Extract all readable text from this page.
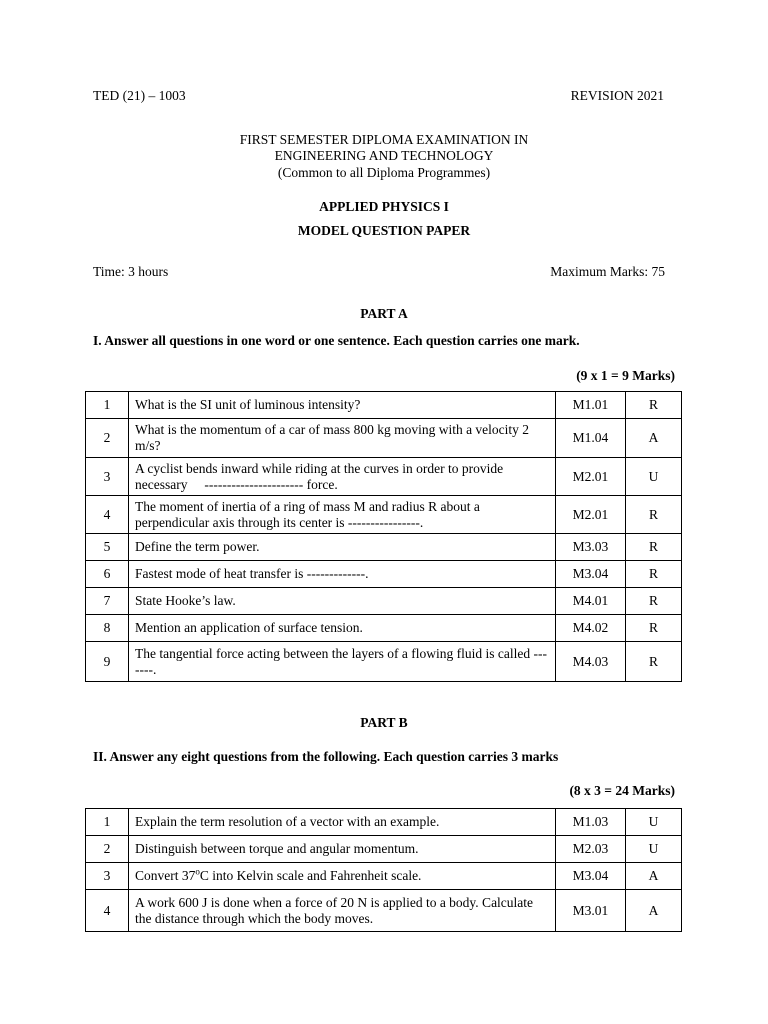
TED (21) – 1003	REVISION 2021
FIRST SEMESTER DIPLOMA EXAMINATION IN
ENGINEERING AND TECHNOLOGY
(Common to all Diploma Programmes)
APPLIED PHYSICS I
MODEL QUESTION PAPER
Time: 3 hours	Maximum Marks: 75
PART A
I. Answer all questions in one word or one sentence. Each question carries one mark.
(9 x 1 = 9 Marks)
1	What is the SI unit of luminous intensity?	M1.01	R
2	What is the momentum of a car of mass 800 kg moving with a velocity 2 m/s?	M1.04	A
3	A cyclist bends inward while riding at the curves in order to provide necessary     ---------------------- force.	M2.01	U
4	The moment of inertia of a ring of mass M and radius R about a perpendicular axis through its center is ----------------.	M2.01	R
5	Define the term power.	M3.03	R
6	Fastest mode of heat transfer is -------------.	M3.04	R
7	State Hooke’s law.	M4.01	R
8	Mention an application of surface tension.	M4.02	R
9	The tangential force acting between the layers of a flowing fluid is called -------.	M4.03	R
PART B
II. Answer any eight questions from the following. Each question carries 3 marks
(8 x 3 = 24 Marks)
1	Explain the term resolution of a vector with an example.	M1.03	U
2	Distinguish between torque and angular momentum.	M2.03	U
3	Convert 37$^o$C into Kelvin scale and Fahrenheit scale.	M3.04	A
4	A work 600 J is done when a force of 20 N is applied to a body. Calculate the distance through which the body moves.	M3.01	A
